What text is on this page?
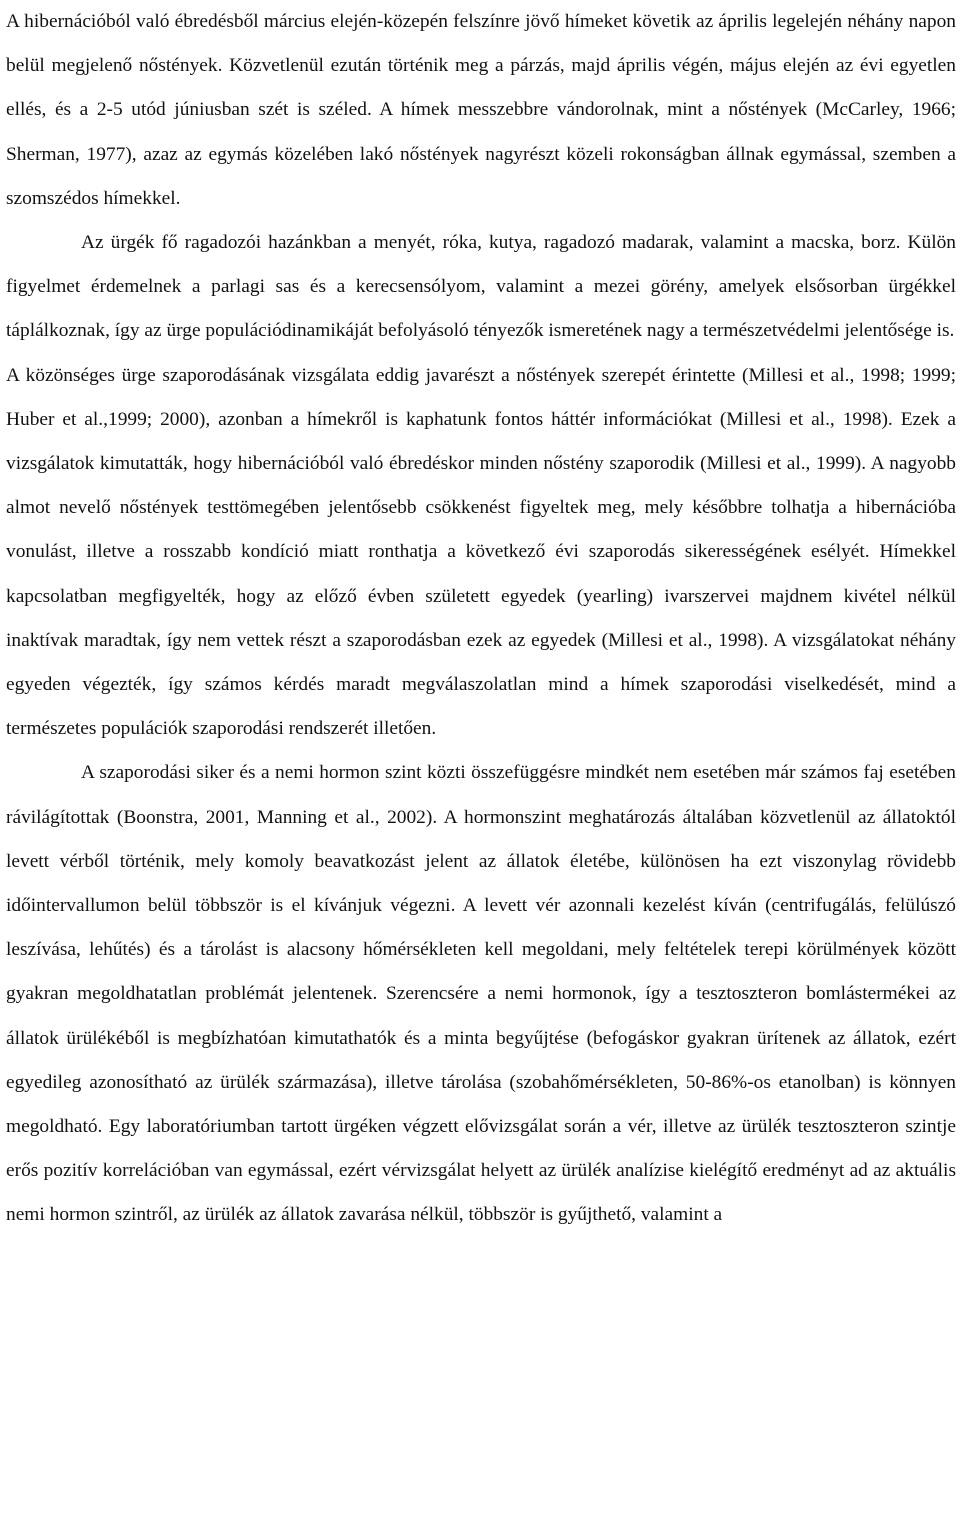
A hibernációból való ébredésből március elején-közepén felszínre jövő hímeket követik az április legelején néhány napon belül megjelenő nőstények. Közvetlenül ezután történik meg a párzás, majd április végén, május elején az évi egyetlen ellés, és a 2-5 utód júniusban szét is széled. A hímek messzebbre vándorolnak, mint a nőstények (McCarley, 1966; Sherman, 1977), azaz az egymás közelében lakó nőstények nagyrészt közeli rokonságban állnak egymással, szemben a szomszédos hímekkel.

Az ürgék fő ragadozói hazánkban a menyét, róka, kutya, ragadozó madarak, valamint a macska, borz. Külön figyelmet érdemelnek a parlagi sas és a kerecsensólyom, valamint a mezei görény, amelyek elsősorban ürgékkel táplálkoznak, így az ürge populációdinamikáját befolyásoló tényezők ismeretének nagy a természetvédelmi jelentősége is.

A közönséges ürge szaporodásának vizsgálata eddig javarészt a nőstények szerepét érintette (Millesi et al., 1998; 1999; Huber et al.,1999; 2000), azonban a hímekről is kaphatunk fontos háttér információkat (Millesi et al., 1998). Ezek a vizsgálatok kimutatták, hogy hibernációból való ébredéskor minden nőstény szaporodik (Millesi et al., 1999). A nagyobb almot nevelő nőstények testtömegében jelentősebb csökkenést figyeltek meg, mely későbbre tolhatja a hibernációba vonulást, illetve a rosszabb kondíció miatt ronthatja a következő évi szaporodás sikerességének esélyét. Hímekkel kapcsolatban megfigyelték, hogy az előző évben született egyedek (yearling) ivarszervei majdnem kivétel nélkül inaktívak maradtak, így nem vettek részt a szaporodásban ezek az egyedek (Millesi et al., 1998). A vizsgálatokat néhány egyeden végezték, így számos kérdés maradt megválaszolatlan mind a hímek szaporodási viselkedését, mind a természetes populációk szaporodási rendszerét illetően.

A szaporodási siker és a nemi hormon szint közti összefüggésre mindkét nem esetében már számos faj esetében rávilágítottak (Boonstra, 2001, Manning et al., 2002). A hormonszint meghatározás általában közvetlenül az állatoktól levett vérből történik, mely komoly beavatkozást jelent az állatok életébe, különösen ha ezt viszonylag rövidebb időintervallumon belül többször is el kívánjuk végezni. A levett vér azonnali kezelést kíván (centrifugálás, felülúszó leszívása, lehűtés) és a tárolást is alacsony hőmérsékleten kell megoldani, mely feltételek terepi körülmények között gyakran megoldhatatlan problémát jelentenek. Szerencsére a nemi hormonok, így a tesztoszteron bomlástermékei az állatok ürülékéből is megbízhatóan kimutathatók és a minta begyűjtése (befogáskor gyakran ürítenek az állatok, ezért egyedileg azonosítható az ürülék származása), illetve tárolása (szobahőmérsékleten, 50-86%-os etanolban) is könnyen megoldható. Egy laboratóriumban tartott ürgéken végzett elővizsgálat során a vér, illetve az ürülék tesztoszteron szintje erős pozitív korrelációban van egymással, ezért vérvizsgálat helyett az ürülék analízise kielégítő eredményt ad az aktuális nemi hormon szintről, az ürülék az állatok zavarása nélkül, többször is gyűjthető, valamint a
